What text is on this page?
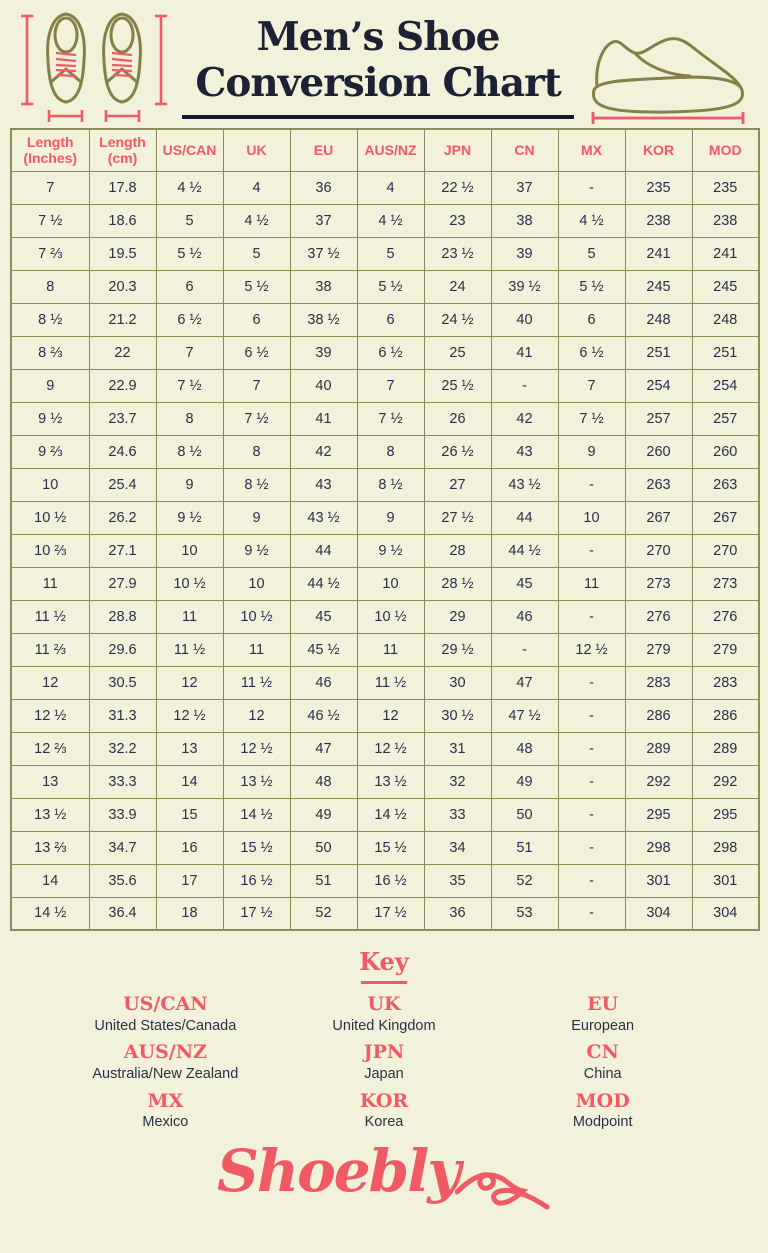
Men’s Shoe
Conversion Chart
Length (Inches)	Length (cm)	US/CAN	UK	EU	AUS/NZ	JPN	CN	MX	KOR	MOD
7	17.8	4 ½	4	36	4	22 ½	37	-	235	235
7 ½	18.6	5	4 ½	37	4 ½	23	38	4 ½	238	238
7 ⅔	19.5	5 ½	5	37 ½	5	23 ½	39	5	241	241
8	20.3	6	5 ½	38	5 ½	24	39 ½	5 ½	245	245
8 ½	21.2	6 ½	6	38 ½	6	24 ½	40	6	248	248
8 ⅔	22	7	6 ½	39	6 ½	25	41	6 ½	251	251
9	22.9	7 ½	7	40	7	25 ½	-	7	254	254
9 ½	23.7	8	7 ½	41	7 ½	26	42	7 ½	257	257
9 ⅔	24.6	8 ½	8	42	8	26 ½	43	9	260	260
10	25.4	9	8 ½	43	8 ½	27	43 ½	-	263	263
10 ½	26.2	9 ½	9	43 ½	9	27 ½	44	10	267	267
10 ⅔	27.1	10	9 ½	44	9 ½	28	44 ½	-	270	270
11	27.9	10 ½	10	44 ½	10	28 ½	45	11	273	273
11 ½	28.8	11	10 ½	45	10 ½	29	46	-	276	276
11 ⅔	29.6	11 ½	11	45 ½	11	29 ½	-	12 ½	279	279
12	30.5	12	11 ½	46	11 ½	30	47	-	283	283
12 ½	31.3	12 ½	12	46 ½	12	30 ½	47 ½	-	286	286
12 ⅔	32.2	13	12 ½	47	12 ½	31	48	-	289	289
13	33.3	14	13 ½	48	13 ½	32	49	-	292	292
13 ½	33.9	15	14 ½	49	14 ½	33	50	-	295	295
13 ⅔	34.7	16	15 ½	50	15 ½	34	51	-	298	298
14	35.6	17	16 ½	51	16 ½	35	52	-	301	301
14 ½	36.4	18	17 ½	52	17 ½	36	53	-	304	304
Key
US/CAN
United States/Canada
UK
United Kingdom
EU
European
AUS/NZ
Australia/New Zealand
JPN
Japan
CN
China
MX
Mexico
KOR
Korea
MOD
Modpoint
Shoebly
